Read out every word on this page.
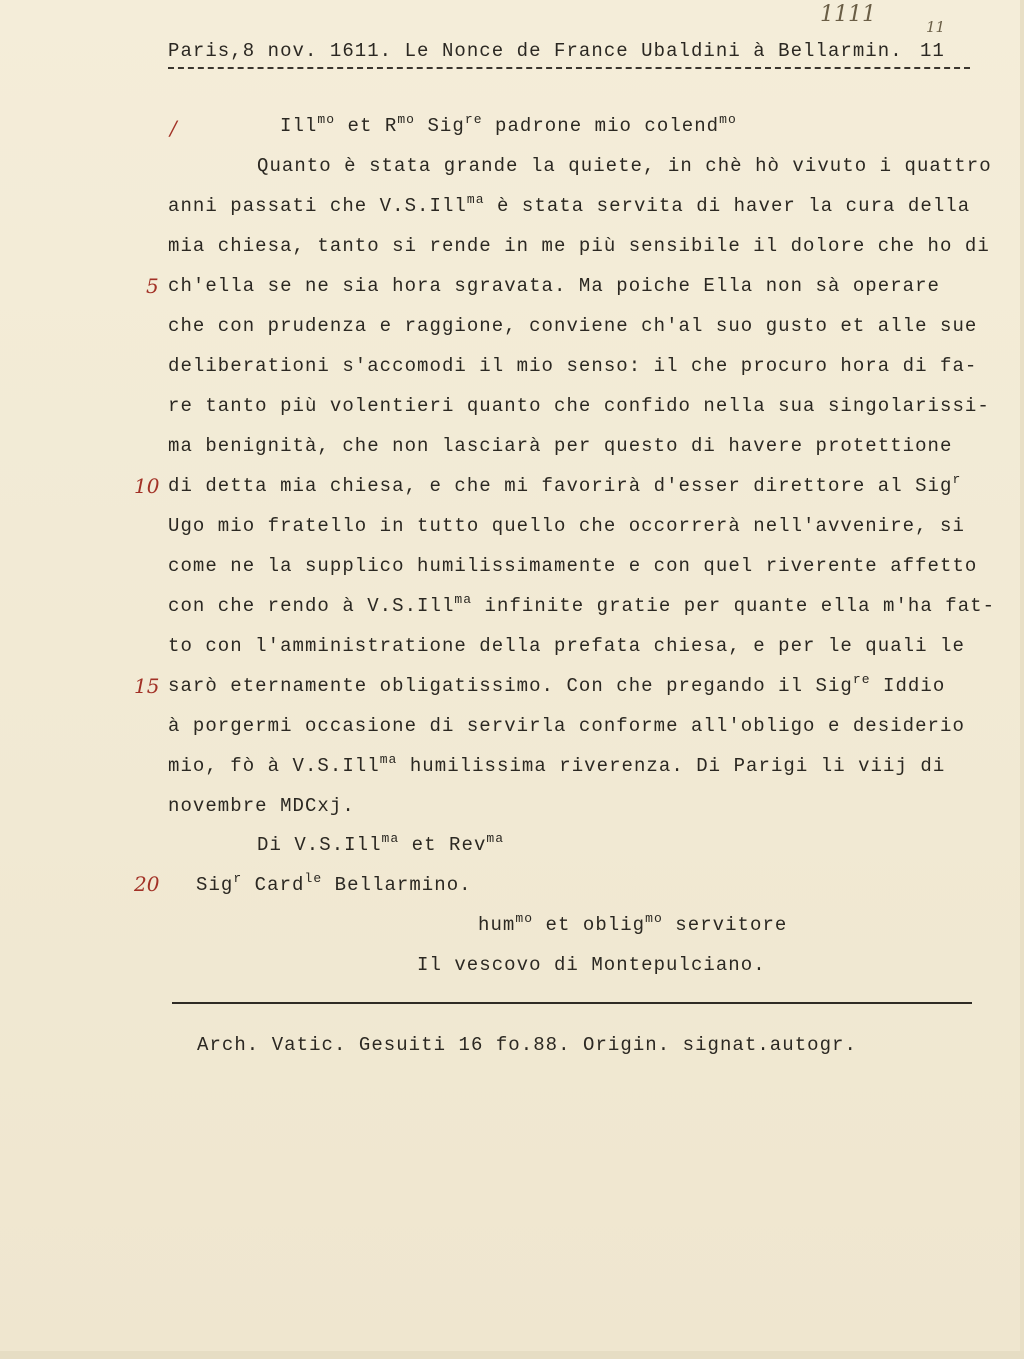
1111	11
Paris,8 nov. 1611. Le Nonce de France Ubaldini à Bellarmin. 11
/
5
10
15
20
Ill$^{mo}$ et $R^{mo}$ Sig$^{re}$ padrone mio colend$^{mo}$
Quanto è stata grande la quiete, in chè hò vivuto i quattro
anni passati che V.S.Ill$^{ma}$ è stata servita di haver la cura della
mia chiesa, tanto si rende in me più sensibile il dolore che ho di
ch'ella se ne sia hora sgravata. Ma poiche Ella non sà operare
che con prudenza e raggione, conviene ch'al suo gusto et alle sue
deliberationi s'accomodi il mio senso: il che procuro hora di fa-
re tanto più volentieri quanto che confido nella sua singolarissi-
ma benignità, che non lasciarà per questo di havere protettione
di detta mia chiesa, e che mi favorirà d'esser direttore al Sig$^r$
Ugo mio fratello in tutto quello che occorrerà nell'avvenire, si
come ne la supplico humilissimamente e con quel riverente affetto
con che rendo à V.S.Ill$^{ma}$ infinite gratie per quante ella m'ha fat-
to con l'amministratione della prefata chiesa, e per le quali le
sarò eternamente obligatissimo. Con che pregando il Sig$^{re}$ Iddio
à porgermi occasione di servirla conforme all'obligo e desiderio
mio, fò à V.S.Ill$^{ma}$ humilissima riverenza. Di Parigi li viij di
novembre MDCxj.
Di V.S.Ill$^{ma}$ et Rev$^{ma}$
Sig$^r$ Card$^{le}$ Bellarmino.
hum$^{mo}$ et oblig$^{mo}$ servitore
Il vescovo di Montepulciano.
Arch. Vatic. Gesuiti 16 fo.88. Origin. signat.autogr.
